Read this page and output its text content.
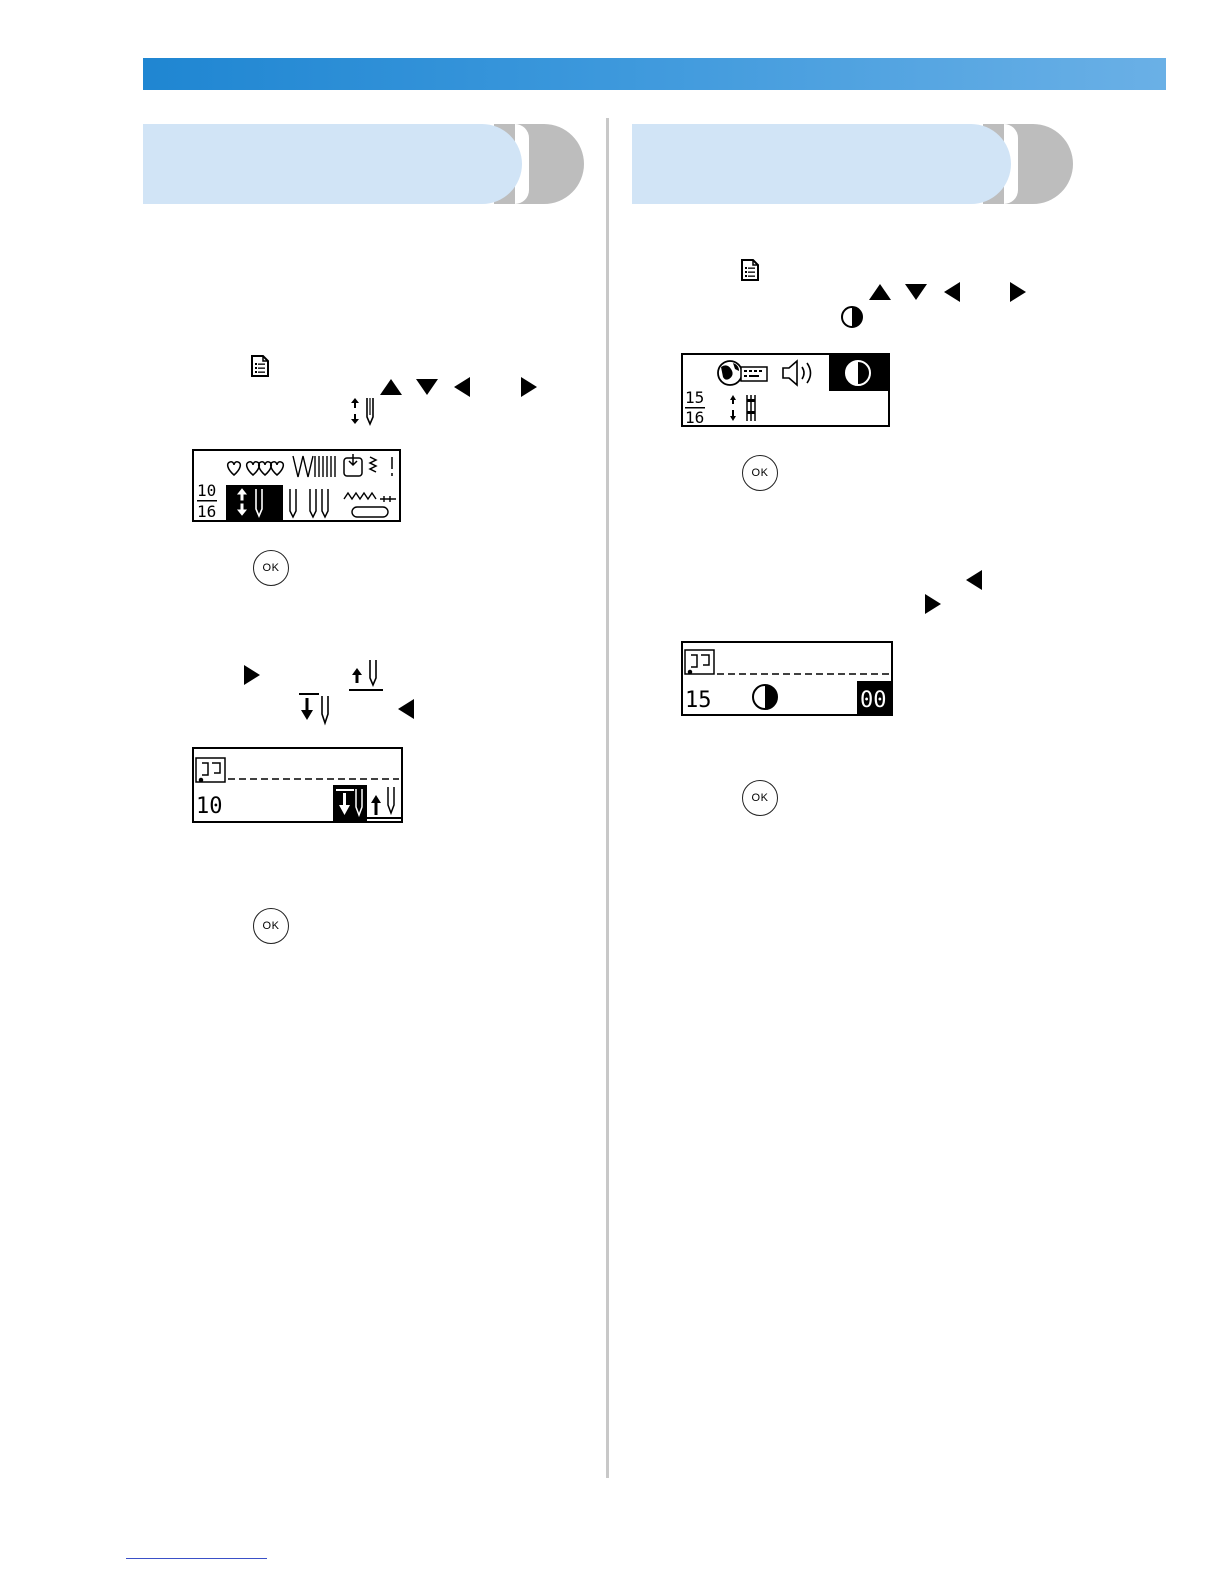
10
16
OK
10
OK
15
16
OK
15	00
OK
